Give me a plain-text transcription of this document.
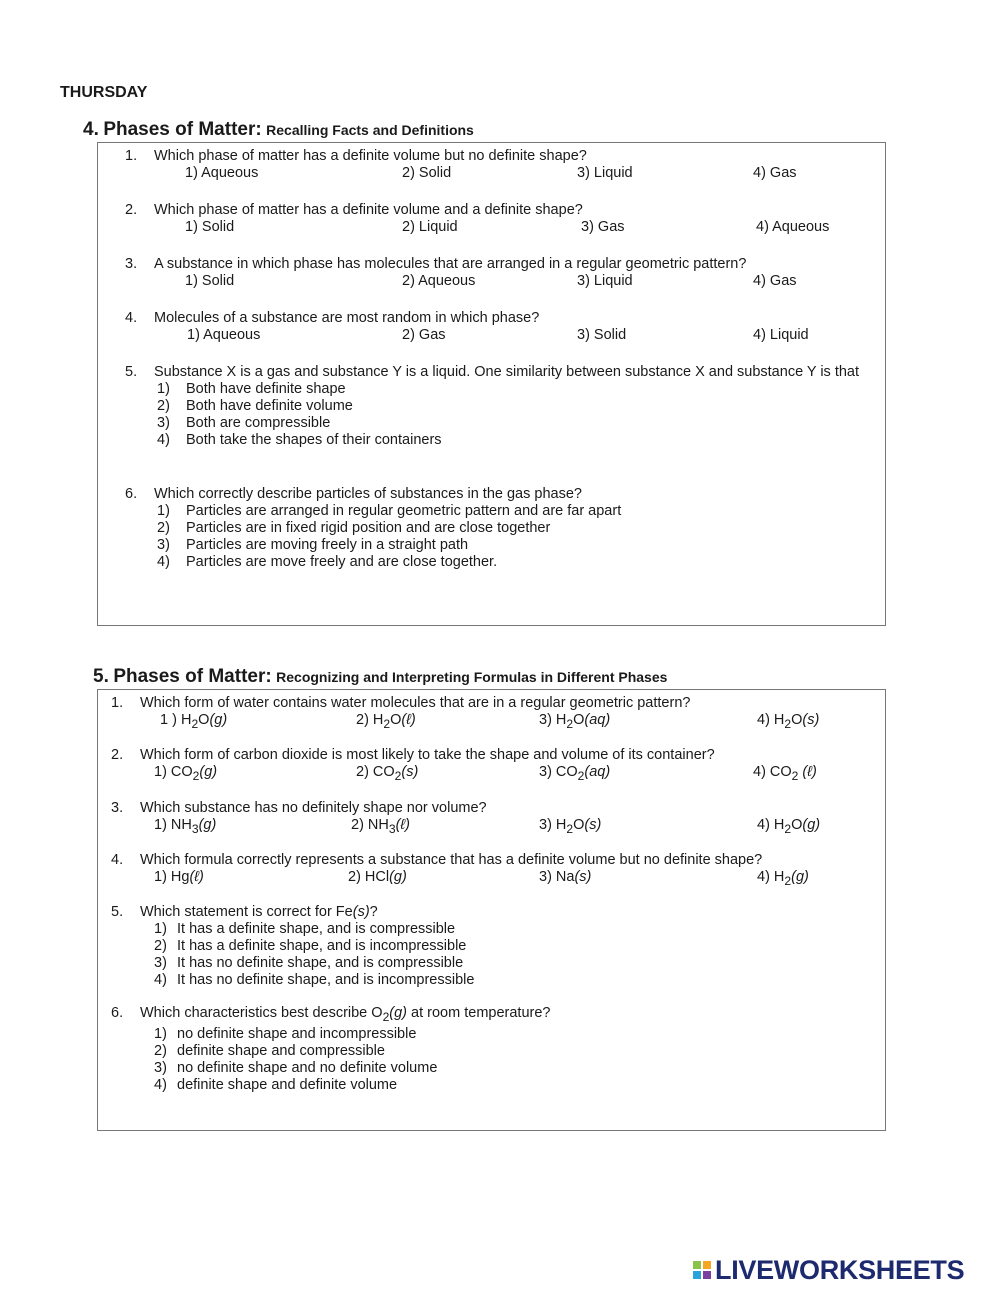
THURSDAY
4. Phases of Matter: Recalling Facts and Definitions
1.	Which phase of matter has a definite volume but no definite shape?
1) Aqueous	2) Solid	3) Liquid	4) Gas
2.	Which phase of matter has a definite volume and a definite shape?
1) Solid	2) Liquid	3) Gas	4) Aqueous
3.	A substance in which phase has molecules that are arranged in a regular geometric pattern?
1) Solid	2) Aqueous	3) Liquid	4) Gas
4.	Molecules of a substance are most random in which phase?
1) Aqueous	2) Gas	3) Solid	4) Liquid
5.	Substance X is a gas and substance Y is a liquid. One similarity between substance X and substance Y is that
1) Both have definite shape
2) Both have definite volume
3) Both are compressible
4) Both take the shapes of their containers
6.	Which correctly describe particles of substances in the gas phase?
1) Particles are arranged in regular geometric pattern and are far apart
2) Particles are in fixed rigid position and are close together
3) Particles are moving freely in a straight path
4) Particles are move freely and are close together.
5. Phases of Matter: Recognizing and Interpreting Formulas in Different Phases
1.	Which form of water contains water molecules that are in a regular geometric pattern?
1 ) $H_2O(g)$	2) $H_2O(\ell)$	3) $H_2O(aq)$	4) $H_2O(s)$
2.	Which form of carbon dioxide is most likely to take the shape and volume of its container?
1) $CO_2(g)$	2) $CO_2(s)$	3) $CO_2(aq)$	4) $CO_2$ (ℓ)
3.	Which substance has no definitely shape nor volume?
1) $NH_3(g)$	2) $NH_3(\ell)$	3) $H_2O(s)$	4) $H_2O(g)$
4.	Which formula correctly represents a substance that has a definite volume but no definite shape?
1) Hg(ℓ)	2) HCl(g)	3) Na(s)	4) $H_2(g)$
5.	Which statement is correct for Fe(s)?
1) It has a definite shape, and is compressible
2) It has a definite shape, and is incompressible
3) It has no definite shape, and is compressible
4) It has no definite shape, and is incompressible
6.	Which characteristics best describe $O_2(g)$ at room temperature?
1) no definite shape and incompressible
2) definite shape and compressible
3) no definite shape and no definite volume
4) definite shape and definite volume
LIVEWORKSHEETS
